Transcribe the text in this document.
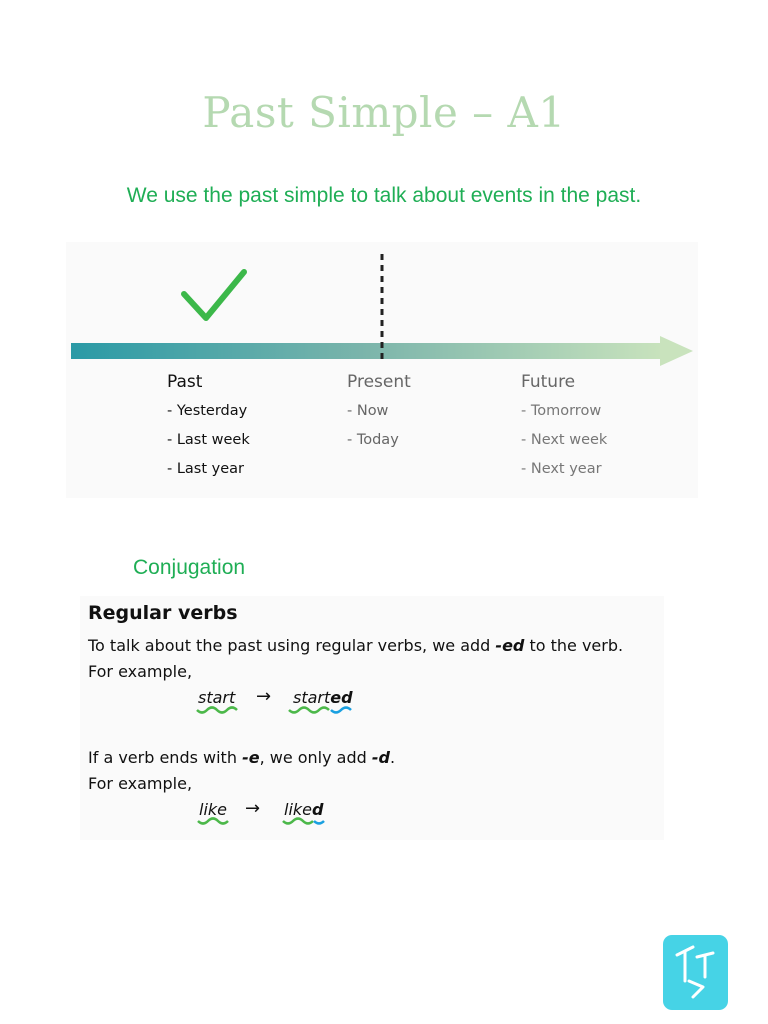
Past Simple – A1
We use the past simple to talk about events in the past.
Past
- Yesterday
- Last week
- Last year
Present
- Now
- Today
Future
- Tomorrow
- Next week
- Next year
Conjugation
Regular verbs
To talk about the past using regular verbs, we add -ed to the verb.
For example,
start → started
If a verb ends with -e, we only add -d.
For example,
like → liked
